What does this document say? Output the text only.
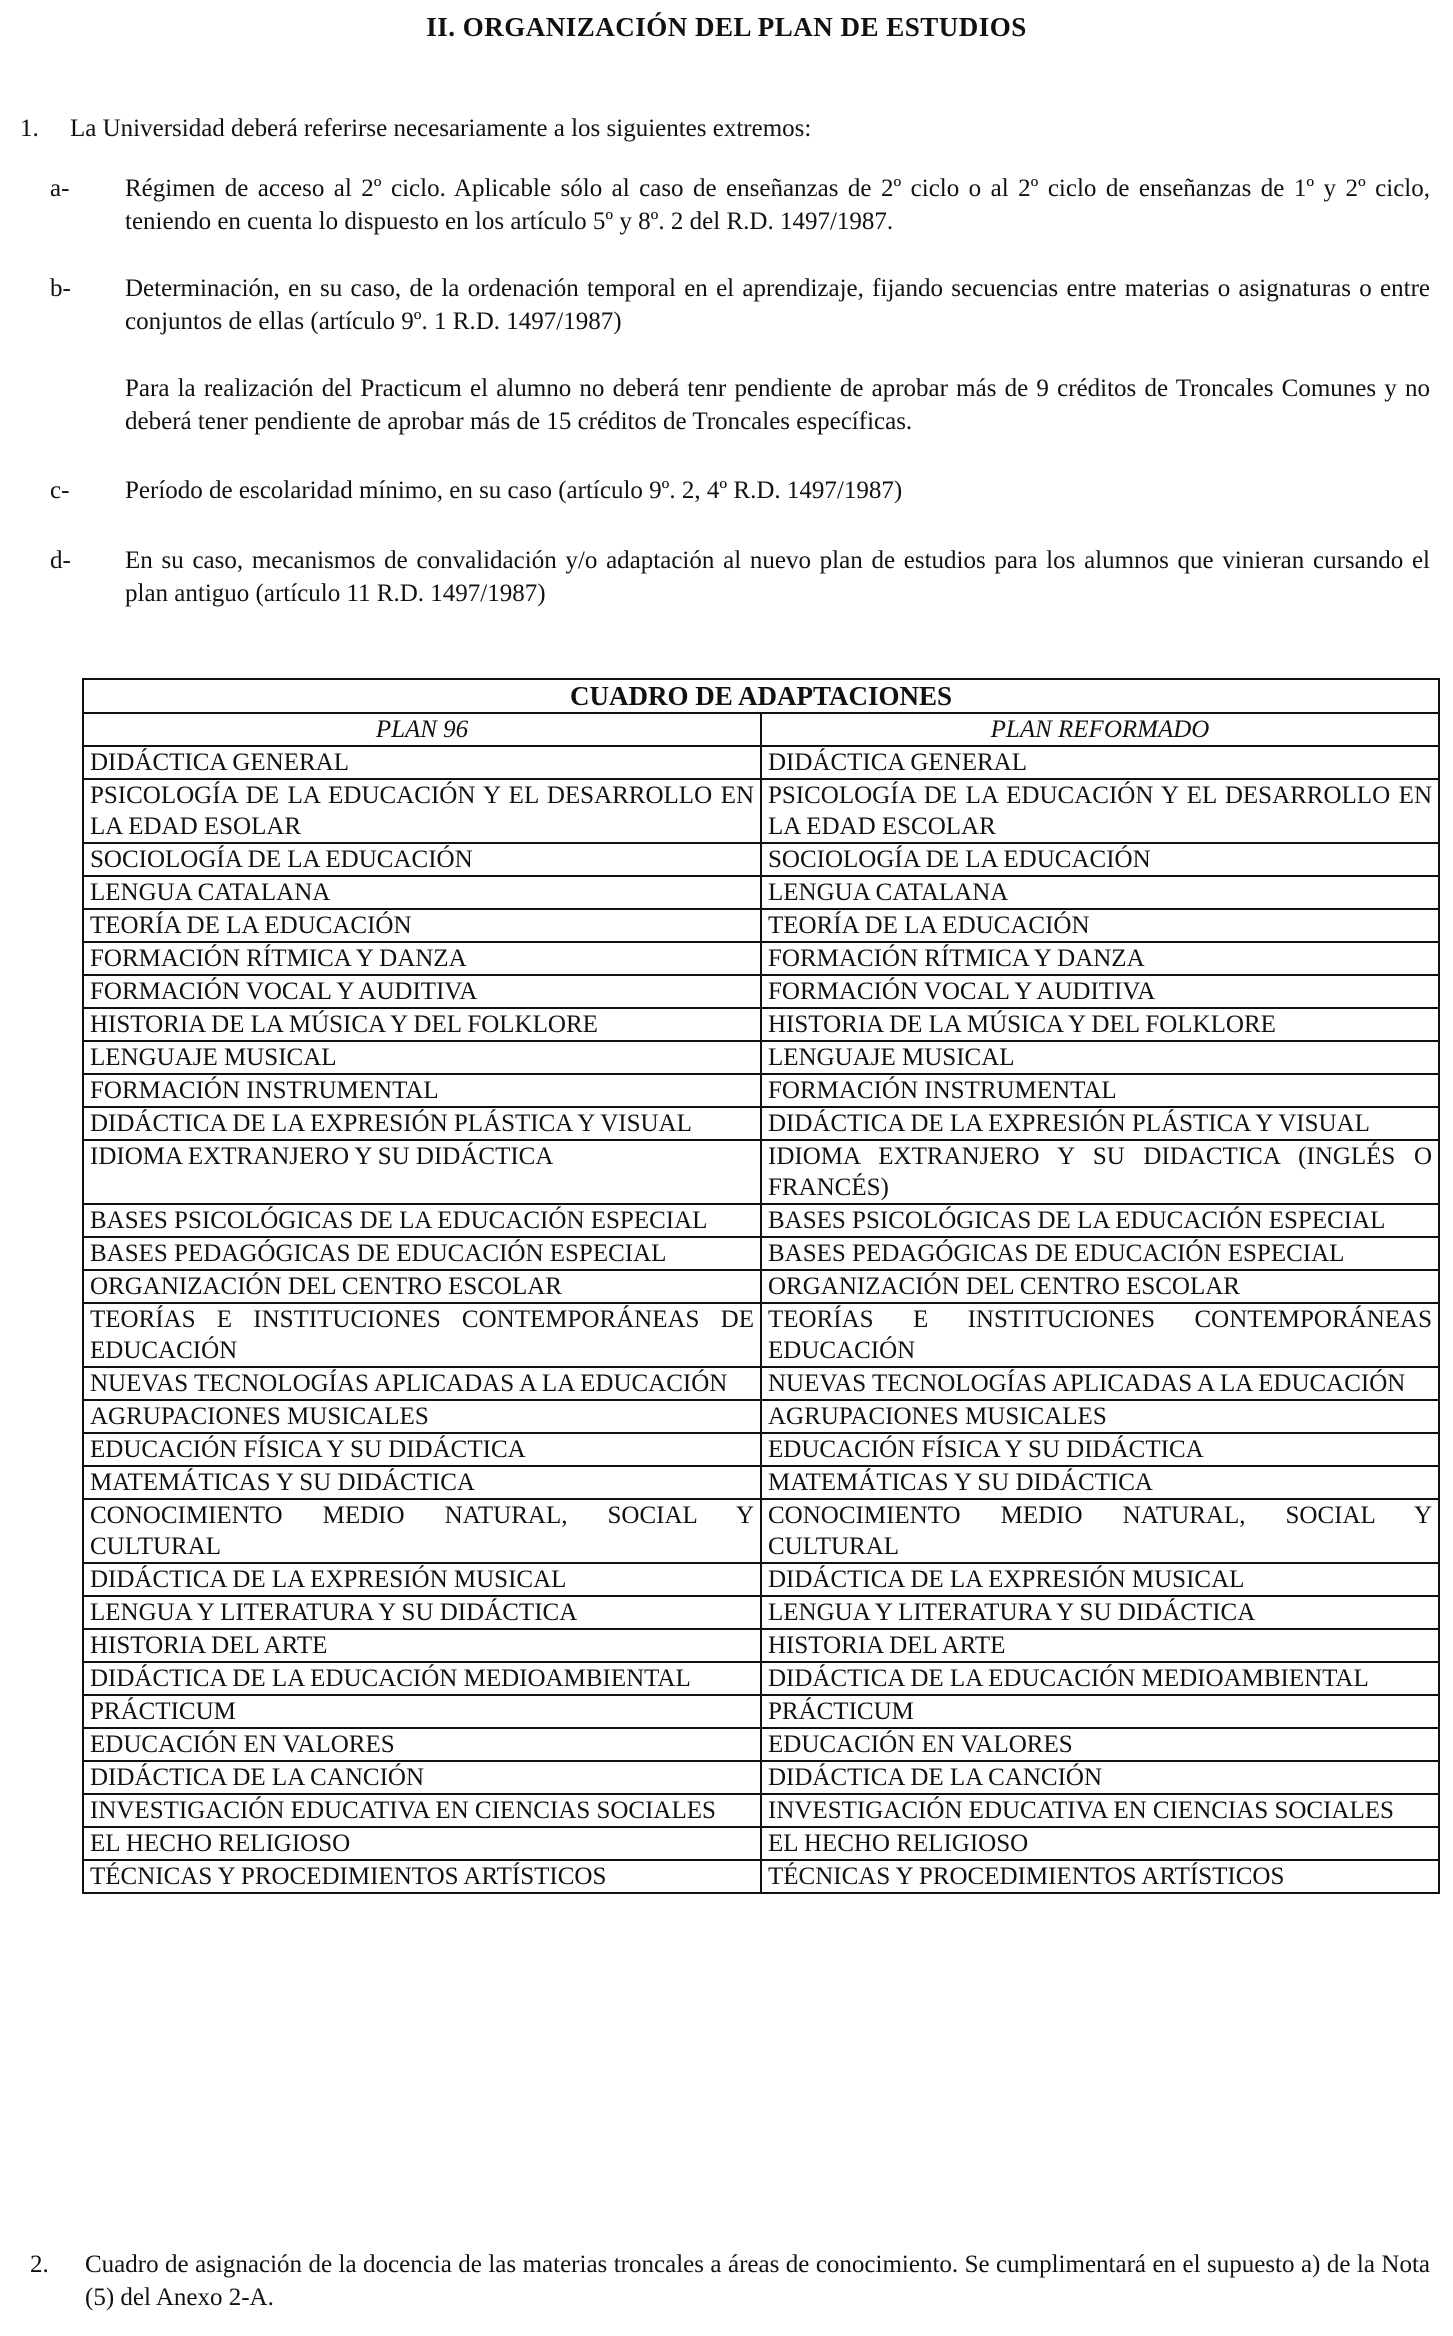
II. ORGANIZACIÓN DEL PLAN DE ESTUDIOS
1. La Universidad deberá referirse necesariamente a los siguientes extremos:
a-	Régimen de acceso al 2º ciclo. Aplicable sólo al caso de enseñanzas de 2º ciclo o al 2º ciclo de enseñanzas de 1º y 2º ciclo, teniendo en cuenta lo dispuesto en los artículo 5º y 8º. 2 del R.D. 1497/1987.
b-	Determinación, en su caso, de la ordenación temporal en el aprendizaje, fijando secuencias entre materias o asignaturas o entre conjuntos de ellas (artículo 9º. 1 R.D. 1497/1987)
Para la realización del Practicum el alumno no deberá tenr pendiente de aprobar más de 9 créditos de Troncales Comunes y no deberá tener pendiente de aprobar más de 15 créditos de Troncales específicas.
c-	Período de escolaridad mínimo, en su caso (artículo 9º. 2, 4º R.D. 1497/1987)
d-	En su caso, mecanismos de convalidación y/o adaptación al nuevo plan de estudios para los alumnos que vinieran cursando el plan antiguo (artículo 11 R.D. 1497/1987)
CUADRO DE ADAPTACIONES	
PLAN 96	PLAN REFORMADO
DIDÁCTICA GENERAL	DIDÁCTICA GENERAL
PSICOLOGÍA DE LA EDUCACIÓN Y EL DESARROLLO EN LA EDAD ESOLAR	PSICOLOGÍA DE LA EDUCACIÓN Y EL DESARROLLO EN LA EDAD ESCOLAR
SOCIOLOGÍA DE LA EDUCACIÓN	SOCIOLOGÍA DE LA EDUCACIÓN
LENGUA CATALANA	LENGUA CATALANA
TEORÍA DE LA EDUCACIÓN	TEORÍA DE LA EDUCACIÓN
FORMACIÓN RÍTMICA Y DANZA	FORMACIÓN RÍTMICA Y DANZA
FORMACIÓN VOCAL Y AUDITIVA	FORMACIÓN VOCAL Y AUDITIVA
HISTORIA DE LA MÚSICA Y DEL FOLKLORE	HISTORIA DE LA MÚSICA Y DEL FOLKLORE
LENGUAJE MUSICAL	LENGUAJE MUSICAL
FORMACIÓN INSTRUMENTAL	FORMACIÓN INSTRUMENTAL
DIDÁCTICA DE LA EXPRESIÓN PLÁSTICA Y VISUAL	DIDÁCTICA DE LA EXPRESIÓN PLÁSTICA Y VISUAL
IDIOMA EXTRANJERO Y SU DIDÁCTICA	IDIOMA EXTRANJERO Y SU DIDACTICA (INGLÉS O FRANCÉS)
BASES PSICOLÓGICAS DE LA EDUCACIÓN ESPECIAL	BASES PSICOLÓGICAS DE LA EDUCACIÓN ESPECIAL
BASES PEDAGÓGICAS DE EDUCACIÓN ESPECIAL	BASES PEDAGÓGICAS DE EDUCACIÓN ESPECIAL
ORGANIZACIÓN DEL CENTRO ESCOLAR	ORGANIZACIÓN DEL CENTRO ESCOLAR
TEORÍAS E INSTITUCIONES CONTEMPORÁNEAS DE EDUCACIÓN	TEORÍAS E INSTITUCIONES CONTEMPORÁNEAS EDUCACIÓN
NUEVAS TECNOLOGÍAS APLICADAS A LA EDUCACIÓN	NUEVAS TECNOLOGÍAS APLICADAS A LA EDUCACIÓN
AGRUPACIONES MUSICALES	AGRUPACIONES MUSICALES
EDUCACIÓN FÍSICA Y SU DIDÁCTICA	EDUCACIÓN FÍSICA Y SU DIDÁCTICA
MATEMÁTICAS Y SU DIDÁCTICA	MATEMÁTICAS Y SU DIDÁCTICA
CONOCIMIENTO MEDIO NATURAL, SOCIAL Y CULTURAL	CONOCIMIENTO MEDIO NATURAL, SOCIAL Y CULTURAL
DIDÁCTICA DE LA EXPRESIÓN MUSICAL	DIDÁCTICA DE LA EXPRESIÓN MUSICAL
LENGUA Y LITERATURA Y SU DIDÁCTICA	LENGUA Y LITERATURA Y SU DIDÁCTICA
HISTORIA DEL ARTE	HISTORIA DEL ARTE
DIDÁCTICA DE LA EDUCACIÓN MEDIOAMBIENTAL	DIDÁCTICA DE LA EDUCACIÓN MEDIOAMBIENTAL
PRÁCTICUM	PRÁCTICUM
EDUCACIÓN EN VALORES	EDUCACIÓN EN VALORES
DIDÁCTICA DE LA CANCIÓN	DIDÁCTICA DE LA CANCIÓN
INVESTIGACIÓN EDUCATIVA EN CIENCIAS SOCIALES	INVESTIGACIÓN EDUCATIVA EN CIENCIAS SOCIALES
EL HECHO RELIGIOSO	EL HECHO RELIGIOSO
TÉCNICAS Y PROCEDIMIENTOS ARTÍSTICOS	TÉCNICAS Y PROCEDIMIENTOS ARTÍSTICOS
2. Cuadro de asignación de la docencia de las materias troncales a áreas de conocimiento. Se cumplimentará en el supuesto a) de la Nota (5) del Anexo 2-A.
